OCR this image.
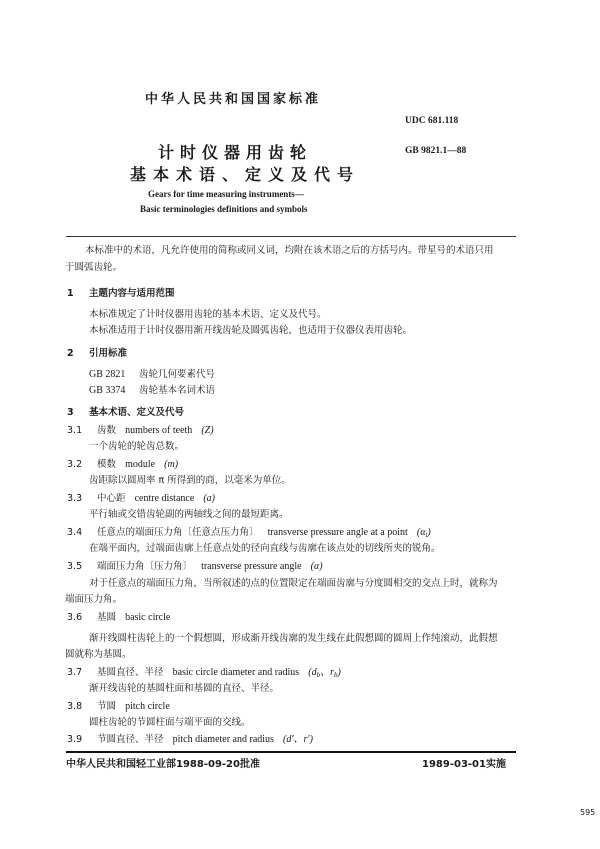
中华人民共和国国家标准
UDC 681.118
GB 9821.1—88
计时仪器用齿轮
基本术语、定义及代号
Gears for time measuring instruments—
Basic terminologies definitions and symbols
本标准中的术语，凡允许使用的简称或同义词，均附在该术语之后的方括号内。带星号的术语只用
于圆弧齿轮。
1 主题内容与适用范围
本标准规定了计时仪器用齿轮的基本术语、定义及代号。
本标准适用于计时仪器用渐开线齿轮及圆弧齿轮，也适用于仪器仪表用齿轮。
2 引用标准
GB 2821 齿轮几何要素代号
GB 3374 齿轮基本名词术语
3 基本术语、定义及代号
3.1 齿数 numbers of teeth (Z)
一个齿轮的轮齿总数。
3.2 模数 module (m)
齿距除以圆周率 π 所得到的商，以毫米为单位。
3.3 中心距 centre distance (a)
平行轴或交错齿轮副的两轴线之间的最短距离。
3.4 任意点的端面压力角〔任意点压力角〕 transverse pressure angle at a point $(\alpha_t)$
在端平面内，过端面齿廓上任意点处的径向直线与齿廓在该点处的切线所夹的锐角。
3.5 端面压力角〔压力角〕 transverse pressure angle (α)
对于任意点的端面压力角，当所叙述的点的位置限定在端面齿廓与分度圆相交的交点上时，就称为
端面压力角。
3.6 基圆 basic circle
渐开线圆柱齿轮上的一个假想圆，形成渐开线齿廓的发生线在此假想圆的圆周上作纯滚动，此假想
圆就称为基圆。
3.7 基圆直径、半径 basic circle diameter and radius ($d_b$、$r_b$)
渐开线齿轮的基圆柱面和基圆的直径、半径。
3.8 节圆 pitch circle
圆柱齿轮的节圆柱面与端平面的交线。
3.9 节圆直径、半径 pitch diameter and radius (d′、r′)
中华人民共和国轻工业部1988-09-20批准	1989-03-01实施
595
